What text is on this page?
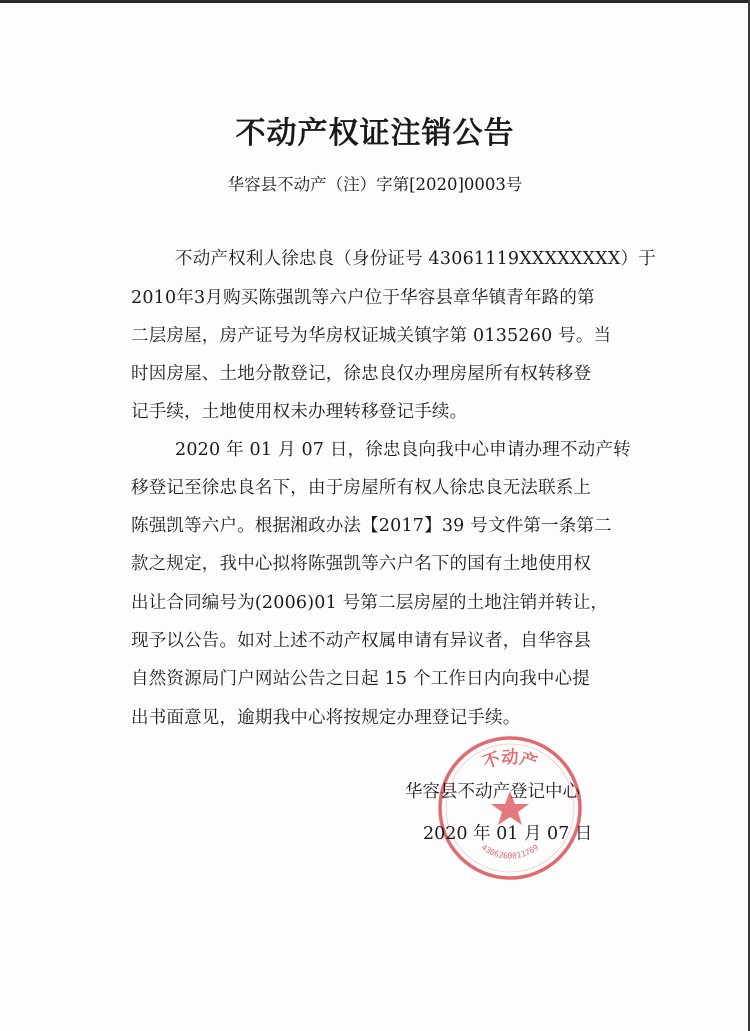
不动产权证注销公告
华容县不动产（注）字第[2020]0003号
不动产权利人徐忠良（身份证号 43061119XXXXXXXX）于
2010年3月购买陈强凯等六户位于华容县章华镇青年路的第
二层房屋，房产证号为华房权证城关镇字第 0135260 号。当
时因房屋、土地分散登记，徐忠良仅办理房屋所有权转移登
记手续，土地使用权未办理转移登记手续。
2020 年 01 月 07 日，徐忠良向我中心申请办理不动产转
移登记至徐忠良名下，由于房屋所有权人徐忠良无法联系上
陈强凯等六户。根据湘政办法【2017】39 号文件第一条第二
款之规定，我中心拟将陈强凯等六户名下的国有土地使用权
出让合同编号为(2006)01 号第二层房屋的土地注销并转让，
现予以公告。如对上述不动产权属申请有异议者，自华容县
自然资源局门户网站公告之日起 15 个工作日内向我中心提
出书面意见，逾期我中心将按规定办理登记手续。
不动产
4306260011769
华容县不动产登记中心
2020 年 01 月 07 日
